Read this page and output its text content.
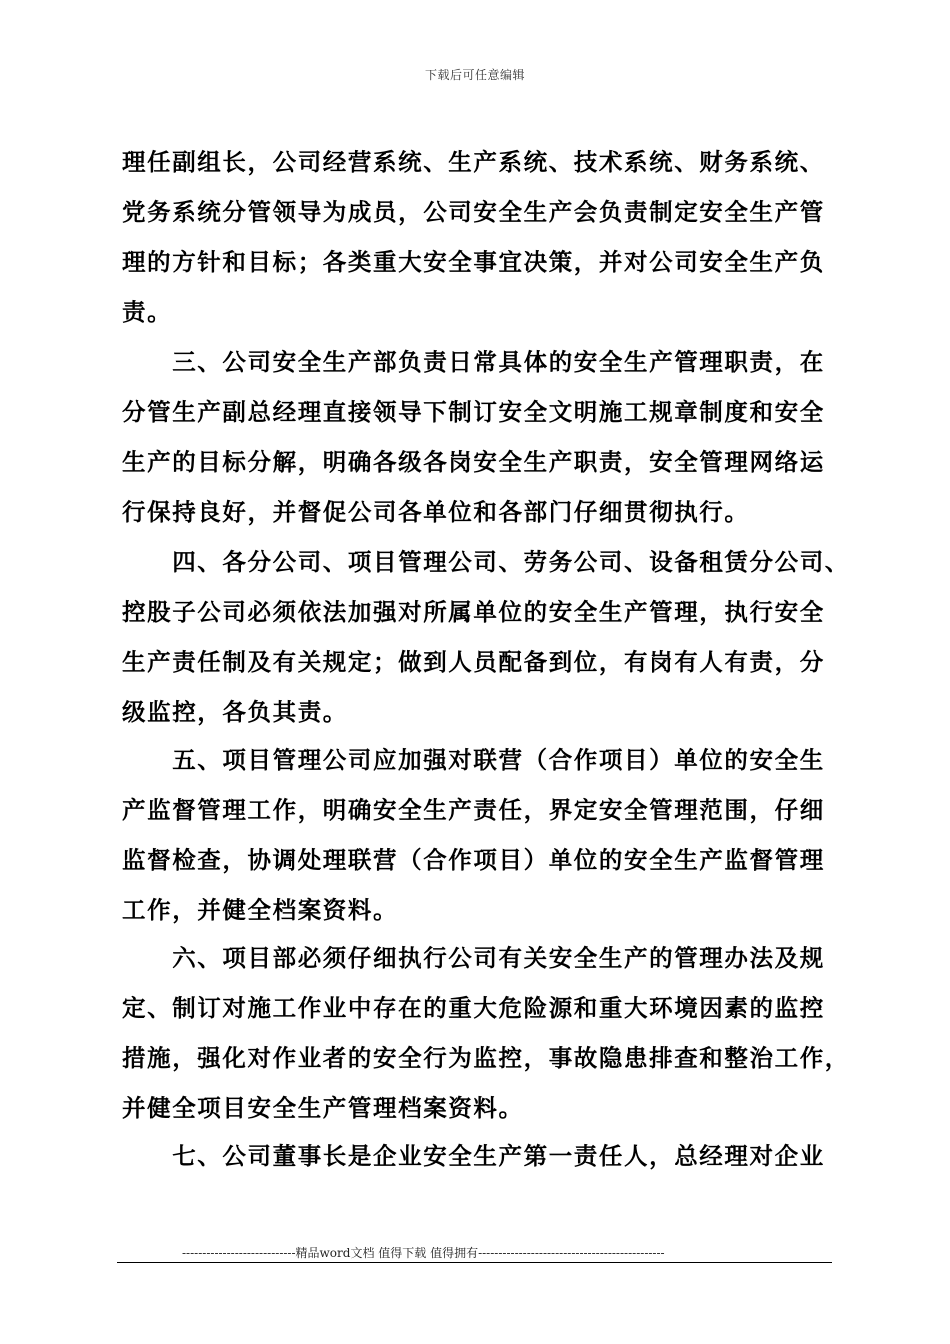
下载后可任意编辑
理任副组长，公司经营系统、生产系统、技术系统、财务系统、
党务系统分管领导为成员，公司安全生产会负责制定安全生产管
理的方针和目标；各类重大安全事宜决策，并对公司安全生产负
责。
　　三、公司安全生产部负责日常具体的安全生产管理职责，在
分管生产副总经理直接领导下制订安全文明施工规章制度和安全
生产的目标分解，明确各级各岗安全生产职责，安全管理网络运
行保持良好，并督促公司各单位和各部门仔细贯彻执行。
　　四、各分公司、项目管理公司、劳务公司、设备租赁分公司、
控股子公司必须依法加强对所属单位的安全生产管理，执行安全
生产责任制及有关规定；做到人员配备到位，有岗有人有责，分
级监控，各负其责。
　　五、项目管理公司应加强对联营（合作项目）单位的安全生
产监督管理工作，明确安全生产责任，界定安全管理范围，仔细
监督检查，协调处理联营（合作项目）单位的安全生产监督管理
工作，并健全档案资料。
　　六、项目部必须仔细执行公司有关安全生产的管理办法及规
定、制订对施工作业中存在的重大危险源和重大环境因素的监控
措施，强化对作业者的安全行为监控，事故隐患排查和整治工作，
并健全项目安全生产管理档案资料。
　　七、公司董事长是企业安全生产第一责任人，总经理对企业
----------------------------精品word文档 值得下载 值得拥有----------------------------------------------
